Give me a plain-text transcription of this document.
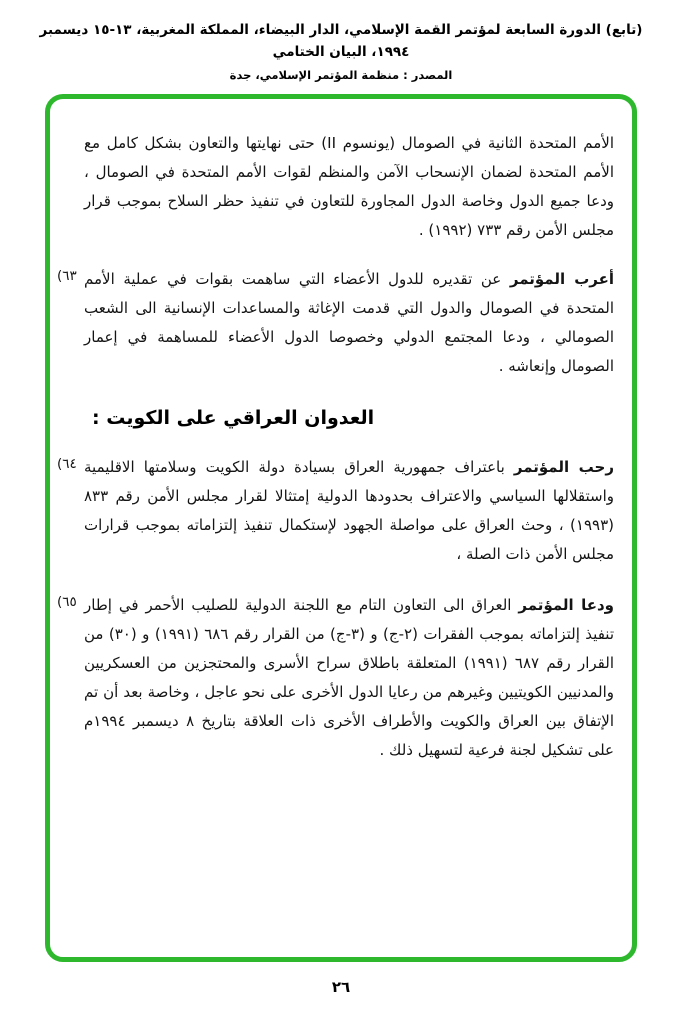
(تابع) الدورة السابعة لمؤتمر القمة الإسلامي، الدار البيضاء، المملكة المغربية، ١٣-١٥ ديسمبر ١٩٩٤، البيان الختامي
المصدر : منظمة المؤتمر الإسلامي، جدة

الأمم المتحدة الثانية في الصومال (يونسوم II) حتى نهايتها والتعاون بشكل كامل مع الأمم المتحدة لضمان الإنسحاب الآمن والمنظم لقوات الأمم المتحدة في الصومال ، ودعا جميع الدول وخاصة الدول المجاورة للتعاون في تنفيذ حظر السلاح بموجب قرار مجلس الأمن رقم ٧٣٣ (١٩٩٢) .

(٦٣	أعرب المؤتمر عن تقديره للدول الأعضاء التي ساهمت بقوات في عملية الأمم المتحدة في الصومال والدول التي قدمت الإغاثة والمساعدات الإنسانية الى الشعب الصومالي ، ودعا المجتمع الدولي وخصوصا الدول الأعضاء للمساهمة في إعمار الصومال وإنعاشه .

العدوان العراقي على الكويت :
(٦٤	رحب المؤتمر باعتراف جمهورية العراق بسيادة دولة الكويت وسلامتها الاقليمية واستقلالها السياسي والاعتراف بحدودها الدولية إمتثالا لقرار مجلس الأمن رقم ٨٣٣ (١٩٩٣) ، وحث العراق على مواصلة الجهود لإستكمال تنفيذ إلتزاماته بموجب قرارات مجلس الأمن ذات الصلة ،

(٦٥	ودعا المؤتمر العراق الى التعاون التام مع اللجنة الدولية للصليب الأحمر في إطار تنفيذ إلتزاماته بموجب الفقرات (٢-ج) و (٣-ج) من القرار رقم ٦٨٦ (١٩٩١) و (٣٠) من القرار رقم ٦٨٧ (١٩٩١) المتعلقة باطلاق سراح الأسرى والمحتجزين من العسكريين والمدنيين الكويتيين وغيرهم من رعايا الدول الأخرى على نحو عاجل ، وخاصة بعد أن تم الإتفاق بين العراق والكويت والأطراف الأخرى ذات العلاقة بتاريخ ٨ ديسمبر ١٩٩٤م على تشكيل لجنة فرعية لتسهيل ذلك .

٢٦
